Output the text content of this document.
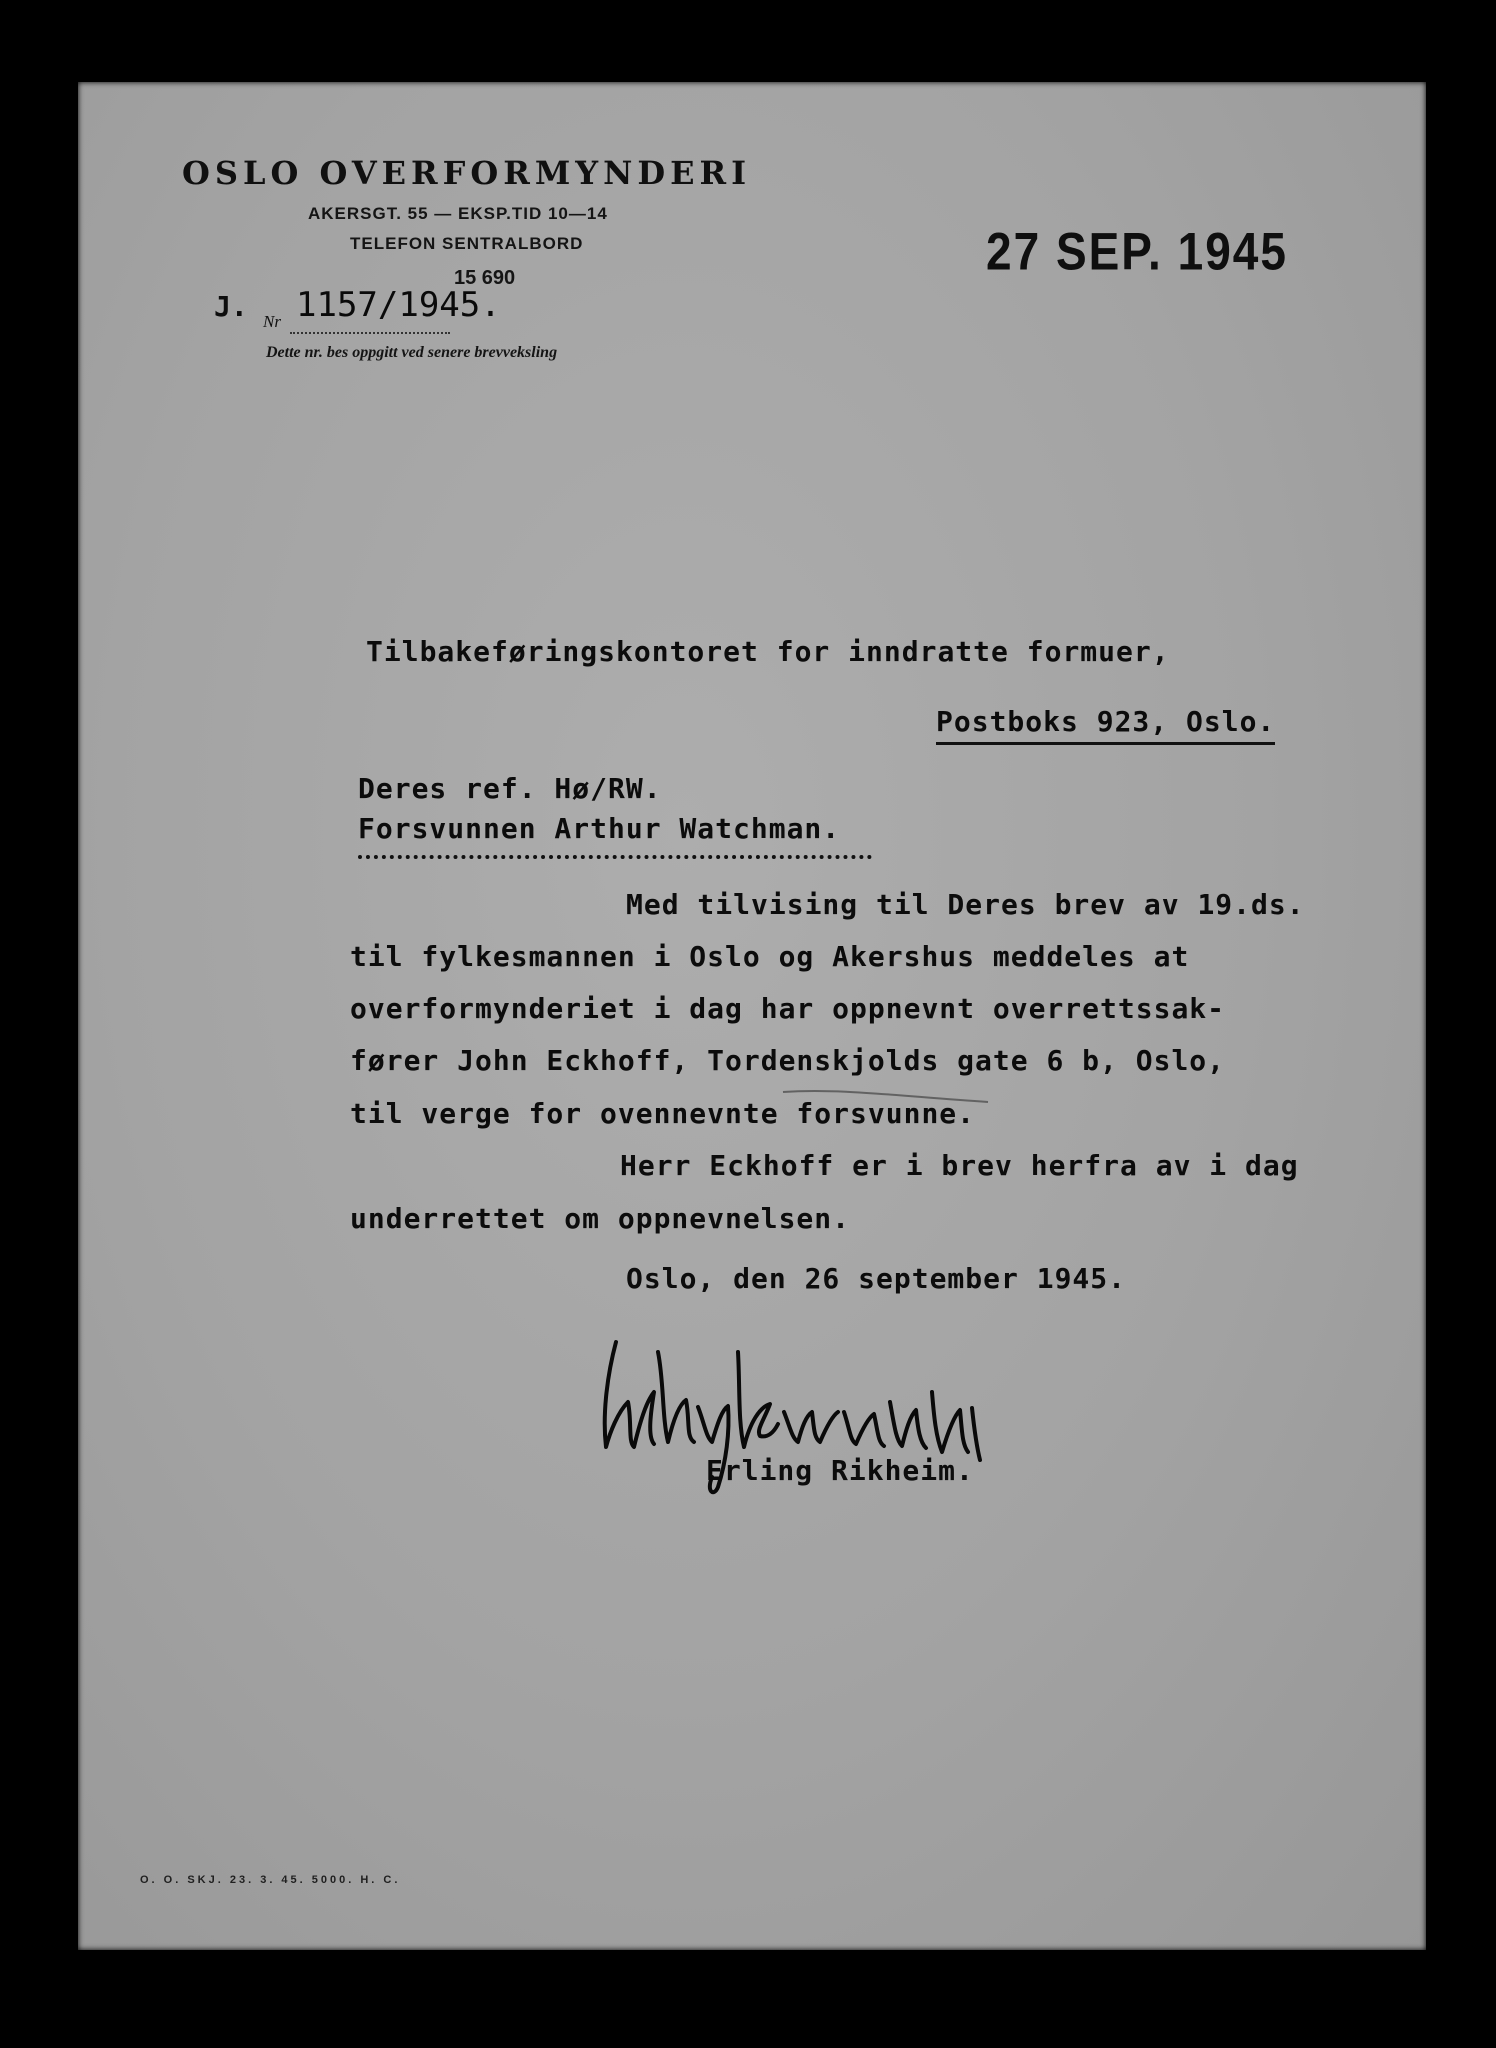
OSLO OVERFORMYNDERI
AKERSGT. 55 — EKSP.TID 10—14
TELEFON SENTRALBORD
15 690
J. Nr 1157/1945.
Dette nr. bes oppgitt ved senere brevveksling
27 SEP. 1945
Tilbakeføringskontoret for inndratte formuer,
Postboks 923, Oslo.
Deres ref. Hø/RW.
Forsvunnen Arthur Watchman.
Med tilvising til Deres brev av 19.ds.
til fylkesmannen i Oslo og Akershus meddeles at
overformynderiet i dag har oppnevnt overrettssak-
fører John Eckhoff, Tordenskjolds gate 6 b, Oslo,
til verge for ovennevnte forsvunne.
Herr Eckhoff er i brev herfra av i dag
underrettet om oppnevnelsen.
Oslo, den 26 september 1945.
Erling Rikheim.
O. O. SKJ. 23. 3. 45. 5000. H. C.
